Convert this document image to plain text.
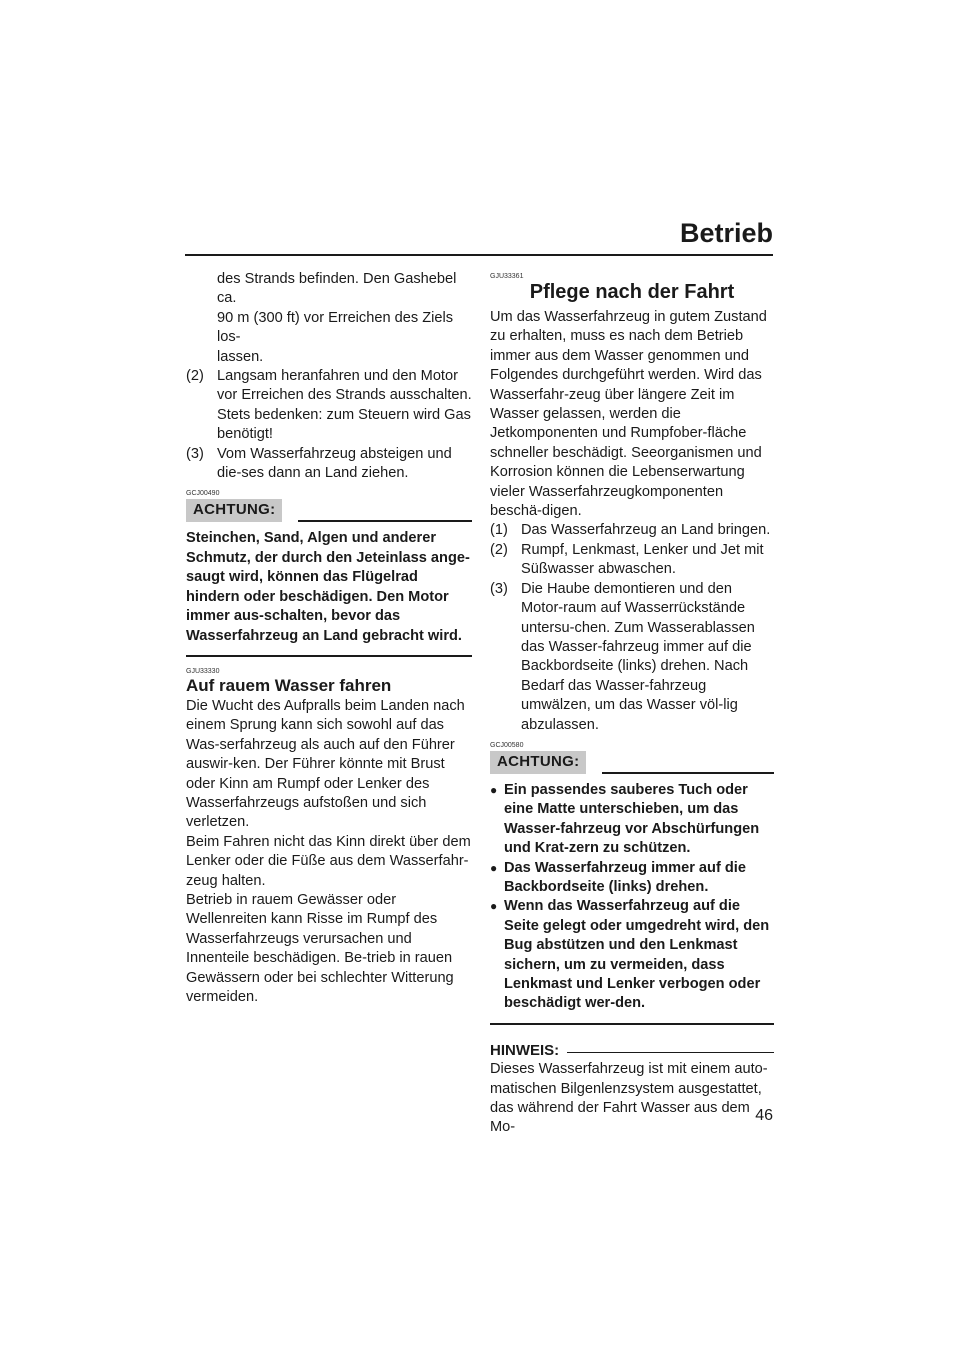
Betrieb

des Strands befinden. Den Gashebel ca.

90 m (300 ft) vor Erreichen des Ziels los-

lassen.

(2) Langsam heranfahren und den Motor vor Erreichen des Strands ausschalten. Stets bedenken: zum Steuern wird Gas benötigt!
(3) Vom Wasserfahrzeug absteigen und die-ses dann an Land ziehen.
GCJ00490
ACHTUNG:

Steinchen, Sand, Algen und anderer Schmutz, der durch den Jeteinlass ange-saugt wird, können das Flügelrad hindern oder beschädigen. Den Motor immer aus-schalten, bevor das Wasserfahrzeug an Land gebracht wird.

GJU33330

Auf rauem Wasser fahren

Die Wucht des Aufpralls beim Landen nach einem Sprung kann sich sowohl auf das Was-serfahrzeug als auch auf den Führer auswir-ken. Der Führer könnte mit Brust oder Kinn am Rumpf oder Lenker des Wasserfahrzeugs aufstoßen und sich verletzen.

Beim Fahren nicht das Kinn direkt über dem Lenker oder die Füße aus dem Wasserfahr-zeug halten.

Betrieb in rauem Gewässer oder Wellenreiten kann Risse im Rumpf des Wasserfahrzeugs verursachen und Innenteile beschädigen. Be-trieb in rauen Gewässern oder bei schlechter Witterung vermeiden.

GJU33361

Pflege nach der Fahrt

Um das Wasserfahrzeug in gutem Zustand zu erhalten, muss es nach dem Betrieb immer aus dem Wasser genommen und Folgendes durchgeführt werden. Wird das Wasserfahr-zeug über längere Zeit im Wasser gelassen, werden die Jetkomponenten und Rumpfober-fläche schneller beschädigt. Seeorganismen und Korrosion können die Lebenserwartung vieler Wasserfahrzeugkomponenten beschä-digen.

(1) Das Wasserfahrzeug an Land bringen.
(2) Rumpf, Lenkmast, Lenker und Jet mit Süßwasser abwaschen.
(3) Die Haube demontieren und den Motor-raum auf Wasserrückstände untersu-chen. Zum Wasserablassen das Wasser-fahrzeug immer auf die Backbordseite (links) drehen. Nach Bedarf das Wasser-fahrzeug umwälzen, um das Wasser völ-lig abzulassen.
GCJ00580
ACHTUNG:
● Ein passendes sauberes Tuch oder eine Matte unterschieben, um das Wasser-fahrzeug vor Abschürfungen und Krat-zern zu schützen.
● Das Wasserfahrzeug immer auf die Backbordseite (links) drehen.
● Wenn das Wasserfahrzeug auf die Seite gelegt oder umgedreht wird, den Bug abstützen und den Lenkmast sichern, um zu vermeiden, dass Lenkmast und Lenker verbogen oder beschädigt wer-den.
HINWEIS:

Dieses Wasserfahrzeug ist mit einem auto-matischen Bilgenlenzsystem ausgestattet, das während der Fahrt Wasser aus dem Mo-

46
